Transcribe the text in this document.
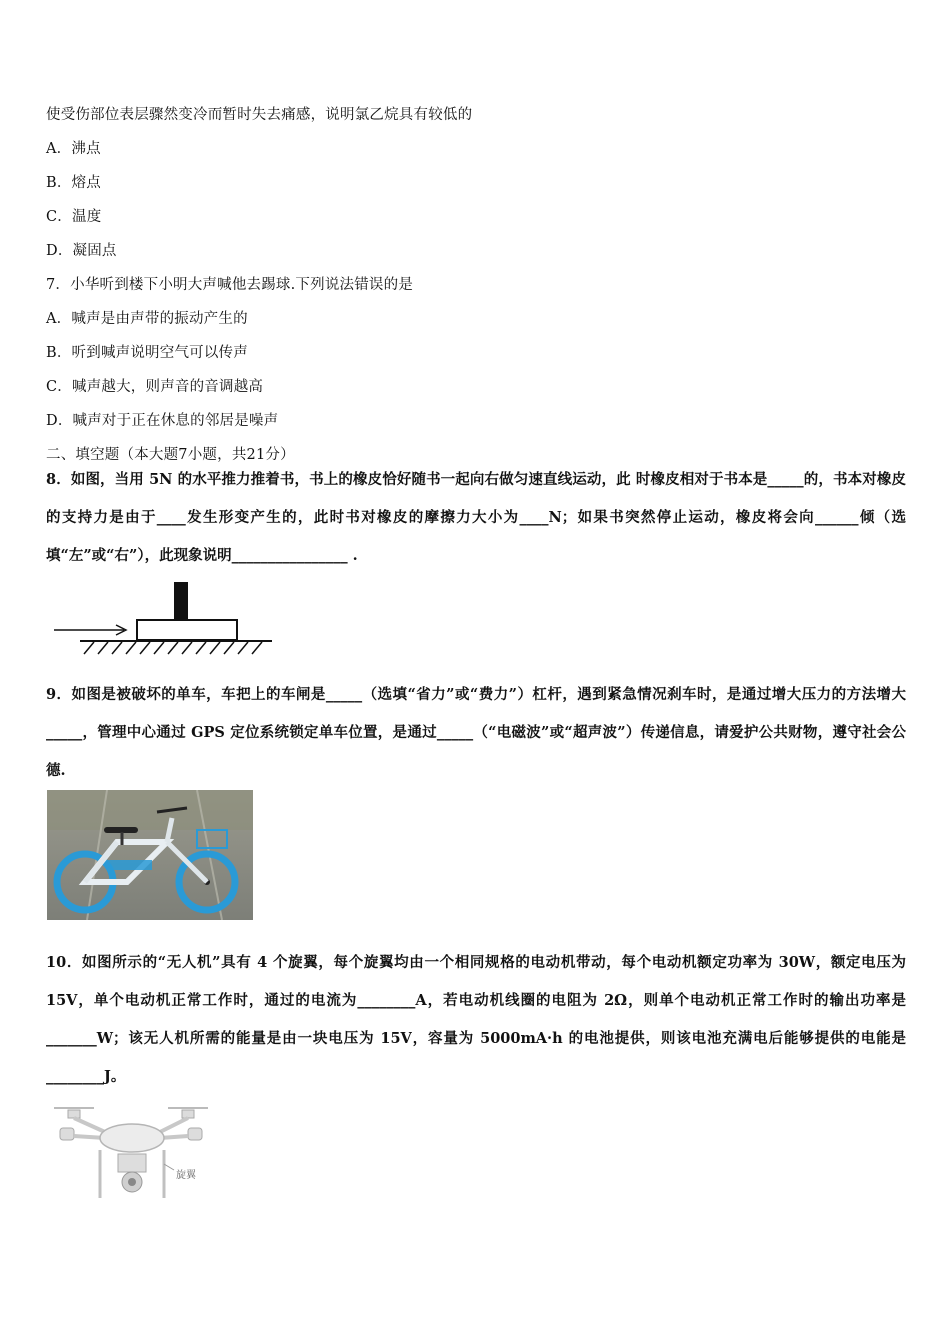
使受伤部位表层骤然变冷而暂时失去痛感，说明氯乙烷具有较低的
A．沸点
B．熔点
C．温度
D．凝固点
7．小华听到楼下小明大声喊他去踢球.下列说法错误的是
A．喊声是由声带的振动产生的
B．听到喊声说明空气可以传声
C．喊声越大，则声音的音调越高
D．喊声对于正在休息的邻居是噪声
二、填空题（本大题7小题，共21分）
8．如图，当用 5N 的水平推力推着书，书上的橡皮恰好随书一起向右做匀速直线运动，此 时橡皮相对于书本是_____的，书本对橡皮的支持力是由于____发生形变产生的，此时书对橡皮的摩擦力大小为____N；如果书突然停止运动，橡皮将会向______倾（选填“左”或“右”），此现象说明________________ .
9．如图是被破坏的单车，车把上的车闸是_____（选填“省力”或“费力”）杠杆，遇到紧急情况刹车时，是通过增大压力的方法增大_____，管理中心通过 GPS 定位系统锁定单车位置，是通过_____（“电磁波”或“超声波”）传递信息，请爱护公共财物，遵守社会公德.
10．如图所示的“无人机”具有 4 个旋翼，每个旋翼均由一个相同规格的电动机带动，每个电动机额定功率为 30W，额定电压为 15V，单个电动机正常工作时，通过的电流为________A，若电动机线圈的电阻为 2Ω，则单个电动机正常工作时的输出功率是_______W；该无人机所需的能量是由一块电压为 15V，容量为 5000mA·h 的电池提供，则该电池充满电后能够提供的电能是________J。
旋翼
